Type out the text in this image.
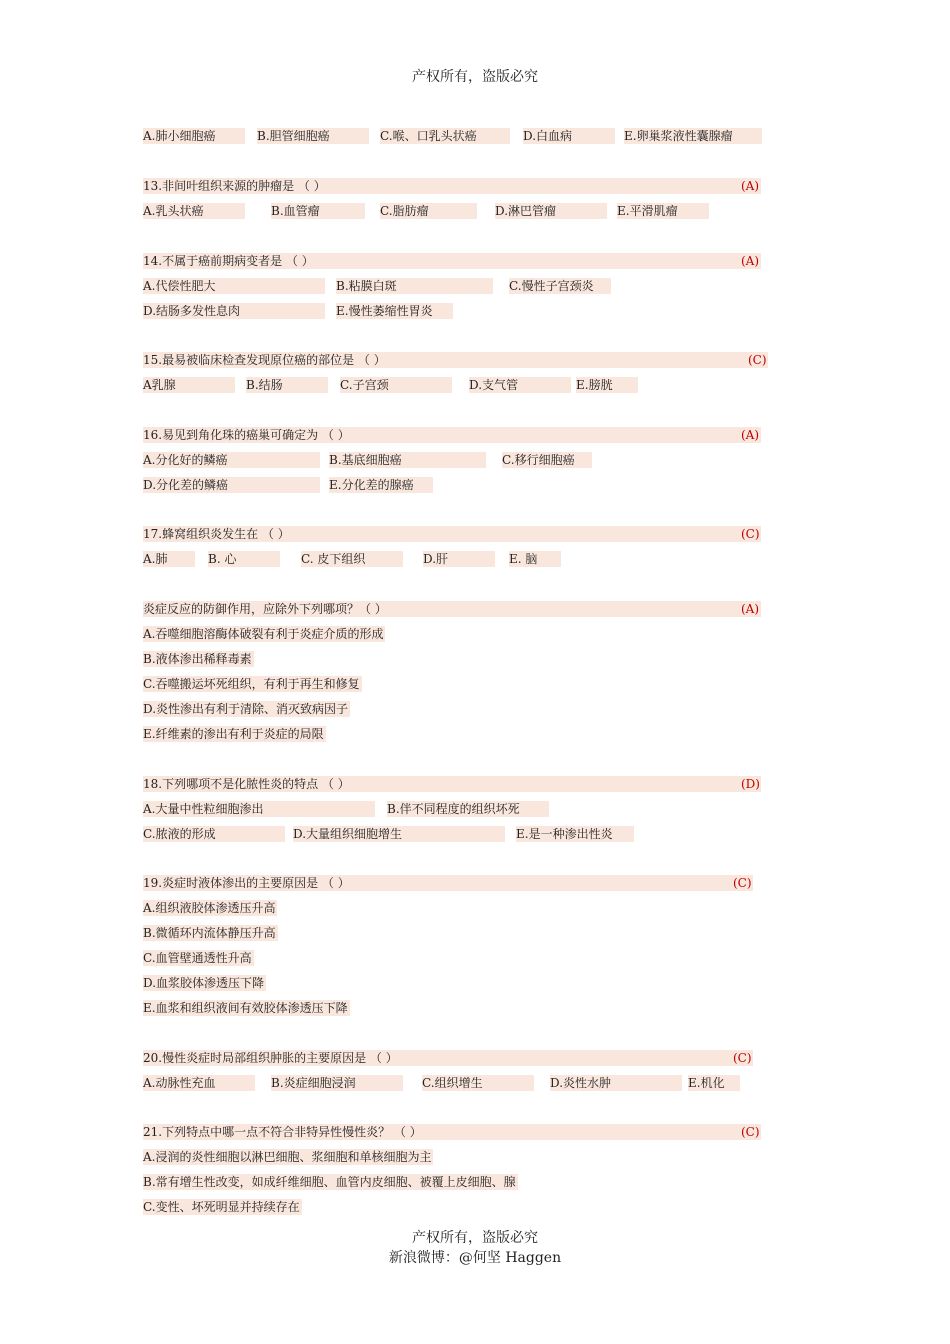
产权所有，盗版必究
A.肺小细胞癌	B.胆管细胞癌	C.喉、口乳头状癌	D.白血病	E.卵巢浆液性囊腺瘤
13.非间叶组织来源的肿瘤是 （ ）	(A)
A.乳头状癌	B.血管瘤	C.脂肪瘤	D.淋巴管瘤	E.平滑肌瘤
14.不属于癌前期病变者是 （ ）	(A)
A.代偿性肥大	B.粘膜白斑	C.慢性子宫颈炎
D.结肠多发性息肉	E.慢性萎缩性胃炎
15.最易被临床检查发现原位癌的部位是 （ ）	(C)
A乳腺	B.结肠	C.子宫颈	D.支气管	E.膀胱
16.易见到角化珠的癌巢可确定为 （ ）	(A)
A.分化好的鳞癌	B.基底细胞癌	C.移行细胞癌
D.分化差的鳞癌	E.分化差的腺癌
17.蜂窝组织炎发生在 （ ）	(C)
A.肺	B. 心	C. 皮下组织	D.肝	E. 脑
炎症反应的防御作用，应除外下列哪项？（ ）	(A)
A.吞噬细胞溶酶体破裂有利于炎症介质的形成
B.液体渗出稀释毒素
C.吞噬搬运坏死组织，有利于再生和修复
D.炎性渗出有利于清除、消灭致病因子
E.纤维素的渗出有利于炎症的局限
18.下列哪项不是化脓性炎的特点 （ ）	(D)
A.大量中性粒细胞渗出	B.伴不同程度的组织坏死
C.脓液的形成	D.大量组织细胞增生	E.是一种渗出性炎
19.炎症时液体渗出的主要原因是 （ ）	(C)
A.组织液胶体渗透压升高
B.微循环内流体静压升高
C.血管壁通透性升高
D.血浆胶体渗透压下降
E.血浆和组织液间有效胶体渗透压下降
20.慢性炎症时局部组织肿胀的主要原因是 （ ）	(C)
A.动脉性充血	B.炎症细胞浸润	C.组织增生	D.炎性水肿	E.机化
21.下列特点中哪一点不符合非特异性慢性炎？ （ ）	(C)
A.浸润的炎性细胞以淋巴细胞、浆细胞和单核细胞为主
B.常有增生性改变，如成纤维细胞、血管内皮细胞、被覆上皮细胞、腺
C.变性、坏死明显并持续存在
产权所有，盗版必究
新浪微博：@何坚 Haggen
